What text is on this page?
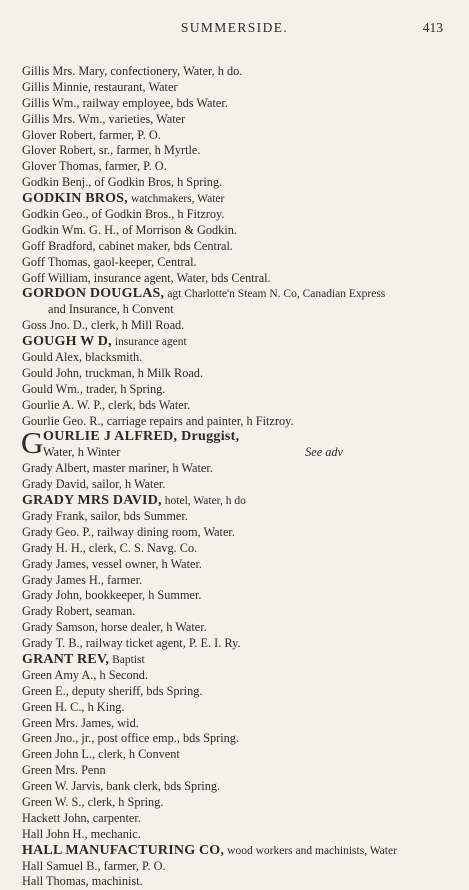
SUMMERSIDE.	413
Gillis Mrs. Mary, confectionery, Water, h do.
Gillis Minnie, restaurant, Water
Gillis Wm., railway employee, bds Water.
Gillis Mrs. Wm., varieties, Water
Glover Robert, farmer, P. O.
Glover Robert, sr., farmer, h Myrtle.
Glover Thomas, farmer, P. O.
Godkin Benj., of Godkin Bros, h Spring.
GODKIN BROS, watchmakers, Water
Godkin Geo., of Godkin Bros., h Fitzroy.
Godkin Wm. G. H., of Morrison & Godkin.
Goff Bradford, cabinet maker, bds Central.
Goff Thomas, gaol-keeper, Central.
Goff William, insurance agent, Water, bds Central.
GORDON DOUGLAS, agt Charlotte'n Steam N. Co, Canadian Express
and Insurance, h Convent
Goss Jno. D., clerk, h Mill Road.
GOUGH W D, insurance agent
Gould Alex, blacksmith.
Gould John, truckman, h Milk Road.
Gould Wm., trader, h Spring.
Gourlie A. W. P., clerk, bds Water.
Gourlie Geo. R., carriage repairs and painter, h Fitzroy.
G OURLIE J ALFRED, Druggist,
Water, h Winter	See adv
Grady Albert, master mariner, h Water.
Grady David, sailor, h Water.
GRADY MRS DAVID, hotel, Water, h do
Grady Frank, sailor, bds Summer.
Grady Geo. P., railway dining room, Water.
Grady H. H., clerk, C. S. Navg. Co.
Grady James, vessel owner, h Water.
Grady James H., farmer.
Grady John, bookkeeper, h Summer.
Grady Robert, seaman.
Grady Samson, horse dealer, h Water.
Grady T. B., railway ticket agent, P. E. I. Ry.
GRANT REV, Baptist
Green Amy A., h Second.
Green E., deputy sheriff, bds Spring.
Green H. C., h King.
Green Mrs. James, wid.
Green Jno., jr., post office emp., bds Spring.
Green John L., clerk, h Convent
Green Mrs. Penn
Green W. Jarvis, bank clerk, bds Spring.
Green W. S., clerk, h Spring.
Hackett John, carpenter.
Hall John H., mechanic.
HALL MANUFACTURING CO, wood workers and machinists, Water
Hall Samuel B., farmer, P. O.
Hall Thomas, machinist.
